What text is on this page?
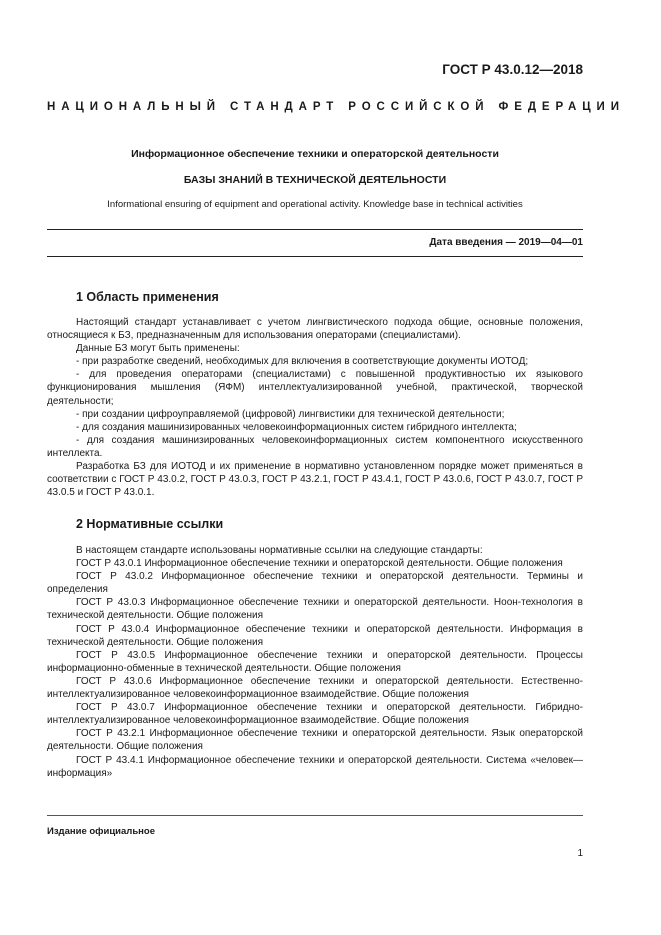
ГОСТ Р 43.0.12—2018
НАЦИОНАЛЬНЫЙ СТАНДАРТ РОССИЙСКОЙ ФЕДЕРАЦИИ
Информационное обеспечение техники и операторской деятельности
БАЗЫ ЗНАНИЙ В ТЕХНИЧЕСКОЙ ДЕЯТЕЛЬНОСТИ
Informational ensuring of equipment and operational activity. Knowledge base in technical activities
Дата введения — 2019—04—01
1 Область применения

Настоящий стандарт устанавливает с учетом лингвистического подхода общие, основные положения, относящиеся к БЗ, предназначенным для использования операторами (специалистами).

Данные БЗ могут быть применены:

- при разработке сведений, необходимых для включения в соответствующие документы ИОТОД;

- для проведения операторами (специалистами) с повышенной продуктивностью их языкового функционирования мышления (ЯФМ) интеллектуализированной учебной, практической, творческой деятельности;

- при создании цифроуправляемой (цифровой) лингвистики для технической деятельности;

- для создания машинизированных человекоинформационных систем гибридного интеллекта;

- для создания машинизированных человекоинформационных систем компонентного искусственного интеллекта.

Разработка БЗ для ИОТОД и их применение в нормативно установленном порядке может применяться в соответствии с ГОСТ Р 43.0.2, ГОСТ Р 43.0.3, ГОСТ Р 43.2.1, ГОСТ Р 43.4.1, ГОСТ Р 43.0.6, ГОСТ Р 43.0.7, ГОСТ Р 43.0.5 и ГОСТ Р 43.0.1.

2 Нормативные ссылки

В настоящем стандарте использованы нормативные ссылки на следующие стандарты:

ГОСТ Р 43.0.1 Информационное обеспечение техники и операторской деятельности. Общие положения

ГОСТ Р 43.0.2 Информационное обеспечение техники и операторской деятельности. Термины и определения

ГОСТ Р 43.0.3 Информационное обеспечение техники и операторской деятельности. Ноон-технология в технической деятельности. Общие положения

ГОСТ Р 43.0.4 Информационное обеспечение техники и операторской деятельности. Информация в технической деятельности. Общие положения

ГОСТ Р 43.0.5 Информационное обеспечение техники и операторской деятельности. Процессы информационно-обменные в технической деятельности. Общие положения

ГОСТ Р 43.0.6 Информационное обеспечение техники и операторской деятельности. Естественно-интеллектуализированное человекоинформационное взаимодействие. Общие положения

ГОСТ Р 43.0.7 Информационное обеспечение техники и операторской деятельности. Гибридно-интеллектуализированное человекоинформационное взаимодействие. Общие положения

ГОСТ Р 43.2.1 Информационное обеспечение техники и операторской деятельности. Язык операторской деятельности. Общие положения

ГОСТ Р 43.4.1 Информационное обеспечение техники и операторской деятельности. Система «человек—информация»

Издание официальное
1
